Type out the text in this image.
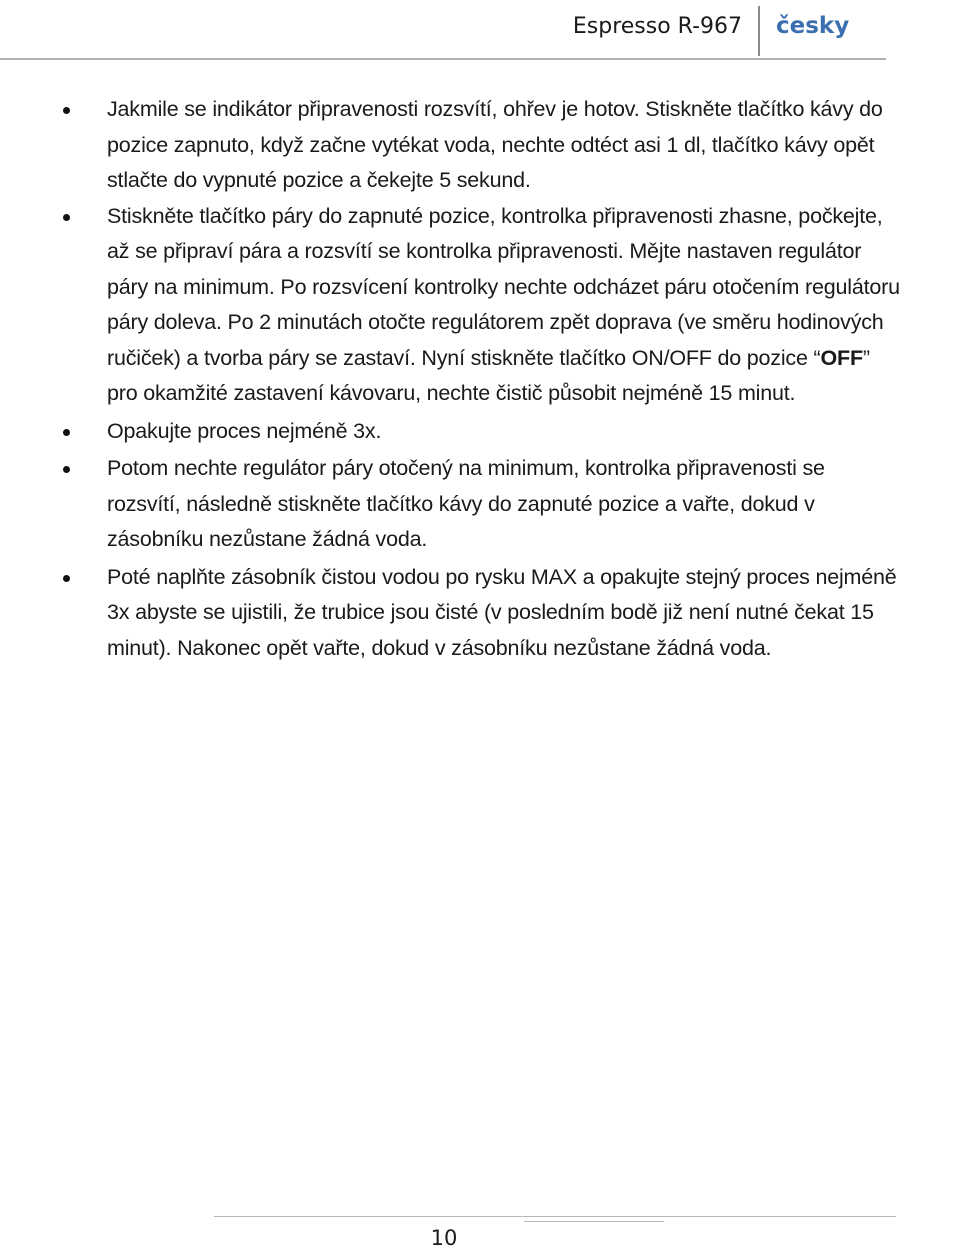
Espresso R-967 česky
Jakmile se indikátor připravenosti rozsvítí, ohřev je hotov. Stiskněte tlačítko kávy do pozice zapnuto, když začne vytékat voda, nechte odtéct asi 1 dl, tlačítko kávy opět stlačte do vypnuté pozice a čekejte 5 sekund.
Stiskněte tlačítko páry do zapnuté pozice, kontrolka připravenosti zhasne, počkejte, až se připraví pára a rozsvítí se kontrolka připravenosti. Mějte nastaven regulátor páry na minimum. Po rozsvícení kontrolky nechte odcházet páru otočením regulátoru páry doleva. Po 2 minutách otočte regulátorem zpět doprava (ve směru hodinových ručiček) a tvorba páry se zastaví. Nyní stiskněte tlačítko ON/OFF do pozice “OFF” pro okamžité zastavení kávovaru, nechte čistič působit nejméně 15 minut.
Opakujte proces nejméně 3x.
Potom nechte regulátor páry otočený na minimum, kontrolka připravenosti se rozsvítí, následně stiskněte tlačítko kávy do zapnuté pozice a vařte, dokud v zásobníku nezůstane žádná voda.
Poté naplňte zásobník čistou vodou po rysku MAX a opakujte stejný proces nejméně 3x abyste se ujistili, že trubice jsou čisté (v posledním bodě již není nutné čekat 15 minut). Nakonec opět vařte, dokud v zásobníku nezůstane žádná voda.
10
